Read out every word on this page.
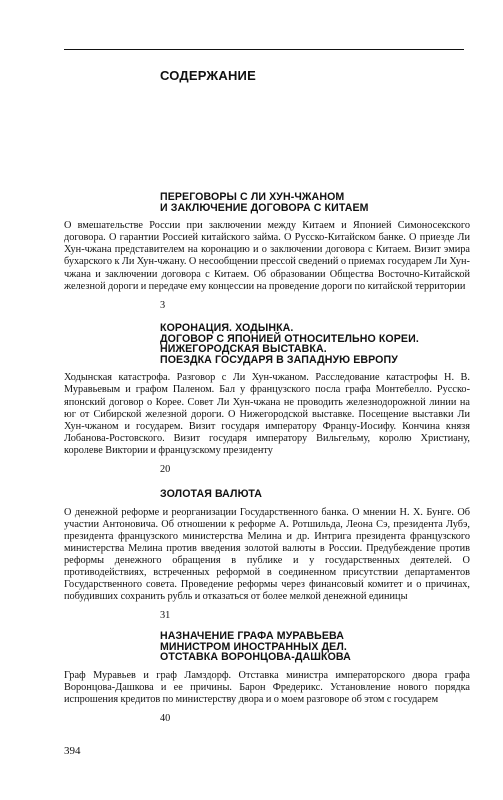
СОДЕРЖАНИЕ
ПЕРЕГОВОРЫ С ЛИ ХУН-ЧЖАНОМ
И ЗАКЛЮЧЕНИЕ ДОГОВОРА С КИТАЕМ

О вмешательстве России при заключении между Китаем и Японией Симоносекского договора. О гарантии Россией китайского займа. О Русско-Китайском банке. О приезде Ли Хун-чжана представителем на коронацию и о заключении договора с Китаем. Визит эмира бухарского к Ли Хун-чжану. О несообщении прессой сведений о приемах государем Ли Хун-чжана и заключении договора с Китаем. Об образовании Общества Восточно-Китайской железной дороги и передаче ему концессии на проведение дороги по китайской территории

3
КОРОНАЦИЯ. ХОДЫНКА.
ДОГОВОР С ЯПОНИЕЙ ОТНОСИТЕЛЬНО КОРЕИ.
НИЖЕГОРОДСКАЯ ВЫСТАВКА.
ПОЕЗДКА ГОСУДАРЯ В ЗАПАДНУЮ ЕВРОПУ

Ходынская катастрофа. Разговор с Ли Хун-чжаном. Расследование катастрофы Н. В. Муравьевым и графом Паленом. Бал у французского посла графа Монтебелло. Русско-японский договор о Корее. Совет Ли Хун-чжана не проводить железнодорожной линии на юг от Сибирской железной дороги. О Нижегородской выставке. Посещение выставки Ли Хун-чжаном и государем. Визит государя императору Францу-Иосифу. Кончина князя Лобанова-Ростовского. Визит государя императору Вильгельму, королю Христиану, королеве Виктории и французскому президенту

20
ЗОЛОТАЯ ВАЛЮТА

О денежной реформе и реорганизации Государственного банка. О мнении Н. Х. Бунге. Об участии Антоновича. Об отношении к реформе А. Ротшильда, Леона Сэ, президента Лубэ, президента французского министерства Мелина и др. Интрига президента французского министерства Мелина против введения золотой валюты в России. Предубеждение против реформы денежного обращения в публике и у государственных деятелей. О противодействиях, встреченных реформой в соединенном присутствии департаментов Государственного совета. Проведение реформы через финансовый комитет и о причинах, побудивших сохранить рубль и отказаться от более мелкой денежной единицы

31
НАЗНАЧЕНИЕ ГРАФА МУРАВЬЕВА
МИНИСТРОМ ИНОСТРАННЫХ ДЕЛ.
ОТСТАВКА ВОРОНЦОВА-ДАШКОВА

Граф Муравьев и граф Ламздорф. Отставка министра императорского двора графа Воронцова-Дашкова и ее причины. Барон Фредерикс. Установление нового порядка испрошения кредитов по министерству двора и о моем разговоре об этом с государем

40
394
